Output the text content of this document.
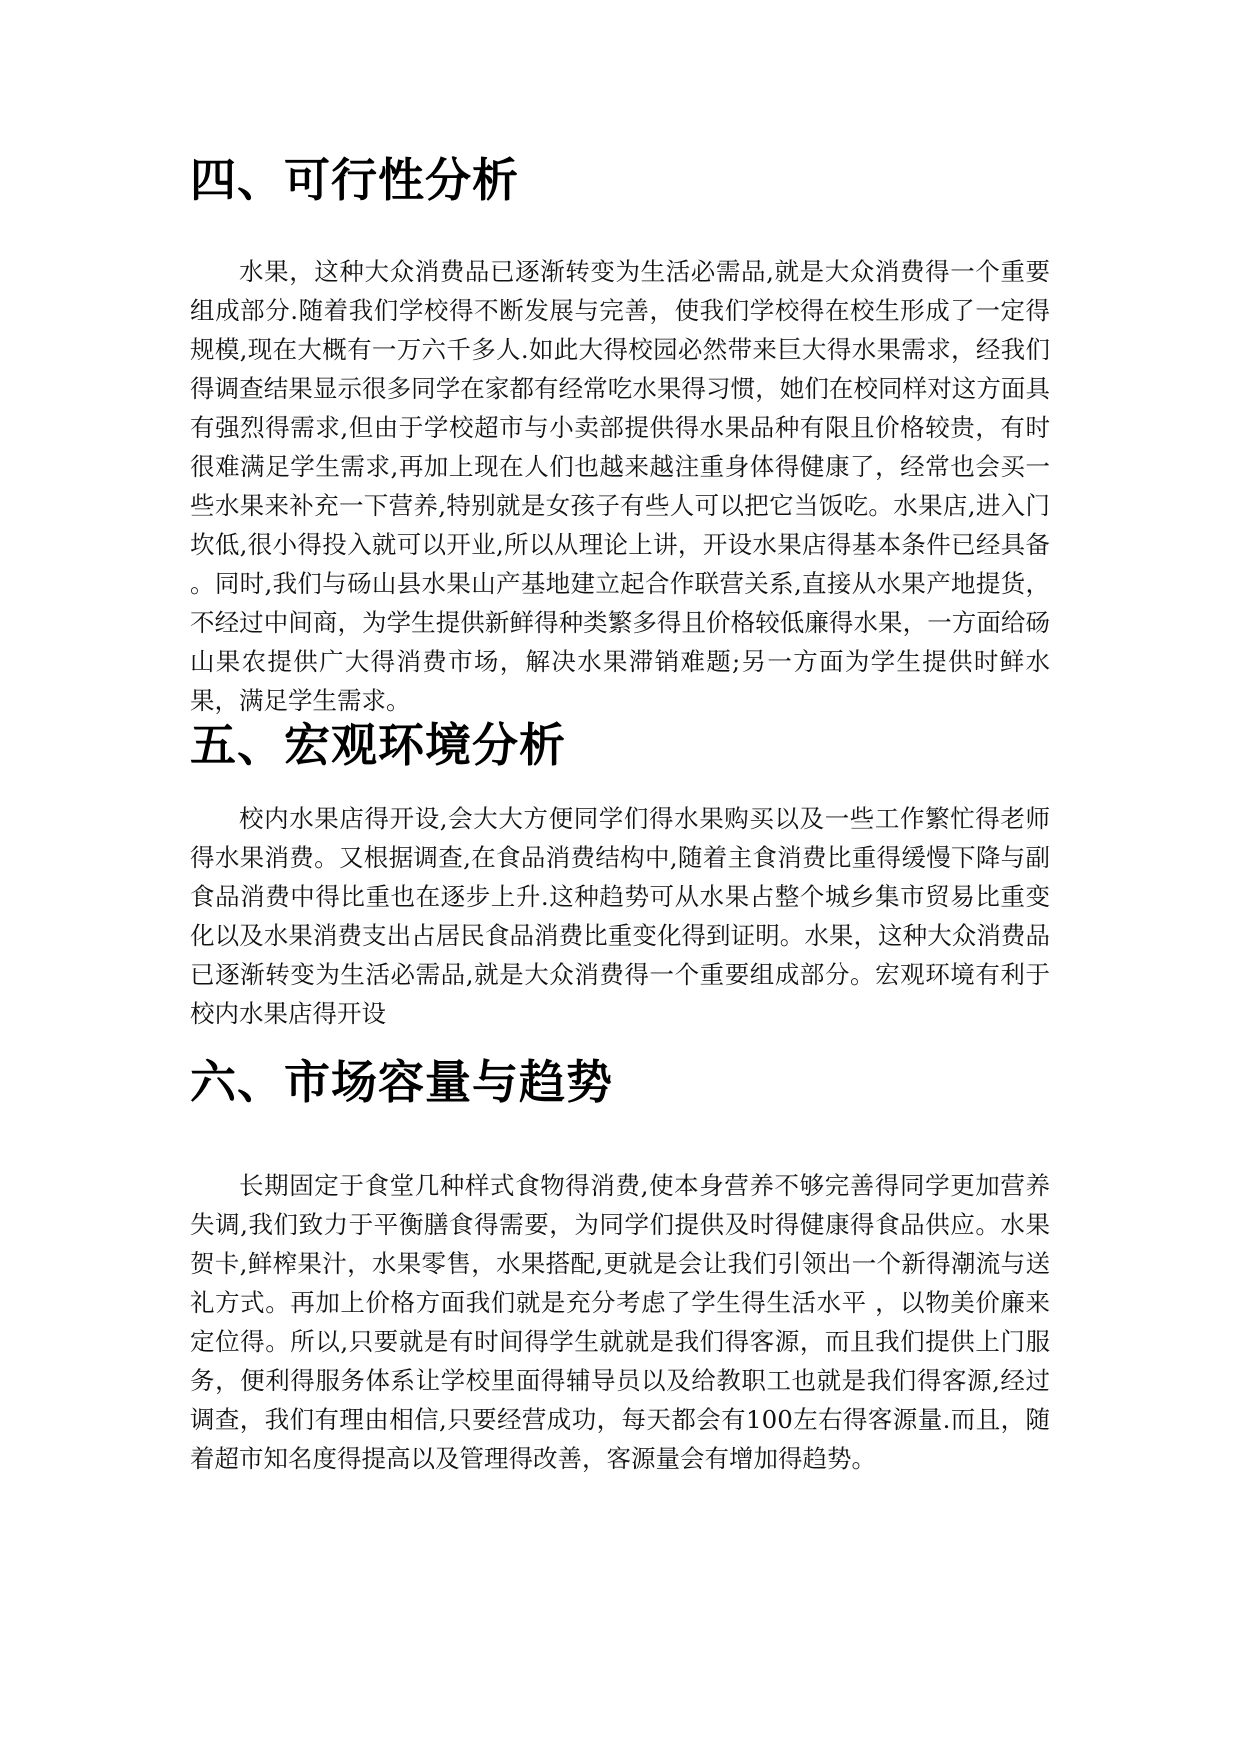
四、可行性分析

水果，这种大众消费品已逐渐转变为生活必需品,就是大众消费得一个重要组成部分.随着我们学校得不断发展与完善，使我们学校得在校生形成了一定得规模,现在大概有一万六千多人.如此大得校园必然带来巨大得水果需求，经我们得调查结果显示很多同学在家都有经常吃水果得习惯，她们在校同样对这方面具有强烈得需求,但由于学校超市与小卖部提供得水果品种有限且价格较贵，有时很难满足学生需求,再加上现在人们也越来越注重身体得健康了，经常也会买一些水果来补充一下营养,特别就是女孩子有些人可以把它当饭吃。水果店,进入门坎低,很小得投入就可以开业,所以从理论上讲，开设水果店得基本条件已经具备 。同时,我们与砀山县水果山产基地建立起合作联营关系,直接从水果产地提货，不经过中间商，为学生提供新鲜得种类繁多得且价格较低廉得水果，一方面给砀山果农提供广大得消费市场，解决水果滞销难题;另一方面为学生提供时鲜水果，满足学生需求。

五、宏观环境分析

校内水果店得开设,会大大方便同学们得水果购买以及一些工作繁忙得老师得水果消费。又根据调查,在食品消费结构中,随着主食消费比重得缓慢下降与副食品消费中得比重也在逐步上升.这种趋势可从水果占整个城乡集市贸易比重变化以及水果消费支出占居民食品消费比重变化得到证明。水果，这种大众消费品已逐渐转变为生活必需品,就是大众消费得一个重要组成部分。宏观环境有利于校内水果店得开设

六、市场容量与趋势

长期固定于食堂几种样式食物得消费,使本身营养不够完善得同学更加营养失调,我们致力于平衡膳食得需要，为同学们提供及时得健康得食品供应。水果贺卡,鲜榨果汁，水果零售，水果搭配,更就是会让我们引领出一个新得潮流与送礼方式。再加上价格方面我们就是充分考虑了学生得生活水平 ，以物美价廉来定位得。所以,只要就是有时间得学生就就是我们得客源，而且我们提供上门服务，便利得服务体系让学校里面得辅导员以及给教职工也就是我们得客源,经过调查，我们有理由相信,只要经营成功，每天都会有100左右得客源量.而且，随着超市知名度得提高以及管理得改善，客源量会有增加得趋势。
